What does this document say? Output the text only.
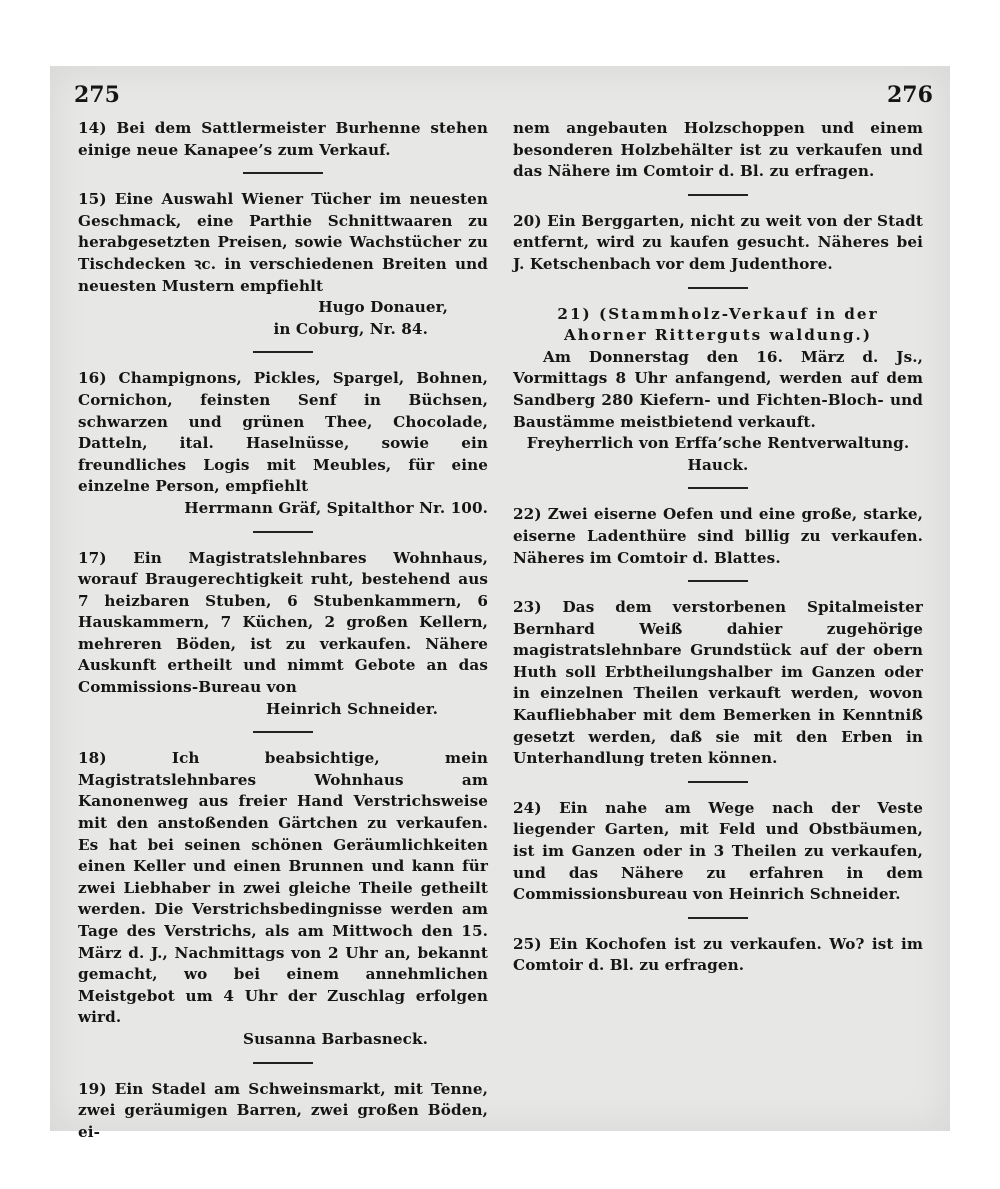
275	276

14) Bei dem Sattlermeister Burhenne stehen einige neue Kanapee’s zum Verkauf.

15) Eine Auswahl Wiener Tücher im neuesten Geschmack, eine Parthie Schnittwaaren zu herabgesetzten Preisen, sowie Wachstücher zu Tischdecken ꝛc. in verschiedenen Breiten und neuesten Mustern empfiehlt

Hugo Donauer,

in Coburg, Nr. 84.

16) Champignons, Pickles, Spargel, Bohnen, Cornichon, feinsten Senf in Büchsen, schwarzen und grünen Thee, Chocolade, Datteln, ital. Haselnüsse, sowie ein freundliches Logis mit Meubles, für eine einzelne Person, empfiehlt

Herrmann Gräf, Spitalthor Nr. 100.

17) Ein Magistratslehnbares Wohnhaus, worauf Braugerechtigkeit ruht, bestehend aus 7 heizbaren Stuben, 6 Stubenkammern, 6 Hauskammern, 7 Küchen, 2 großen Kellern, mehreren Böden, ist zu verkaufen. Nähere Auskunft ertheilt und nimmt Gebote an das Commissions-Bureau von

Heinrich Schneider.

18) Ich beabsichtige, mein Magistratslehnbares Wohnhaus am Kanonenweg aus freier Hand Verstrichsweise mit den anstoßenden Gärtchen zu verkaufen. Es hat bei seinen schönen Geräumlichkeiten einen Keller und einen Brunnen und kann für zwei Liebhaber in zwei gleiche Theile getheilt werden. Die Verstrichsbedingnisse werden am Tage des Verstrichs, als am Mittwoch den 15. März d. J., Nachmittags von 2 Uhr an, bekannt gemacht, wo bei einem annehmlichen Meistgebot um 4 Uhr der Zuschlag erfolgen wird.

Susanna Barbasneck.

19) Ein Stadel am Schweinsmarkt, mit Tenne, zwei geräumigen Barren, zwei großen Böden, ei-

nem angebauten Holzschoppen und einem besonderen Holzbehälter ist zu verkaufen und das Nähere im Comtoir d. Bl. zu erfragen.

20) Ein Berggarten, nicht zu weit von der Stadt entfernt, wird zu kaufen gesucht. Näheres bei J. Ketschenbach vor dem Judenthore.

21) (Stammholz-Verkauf in der

Ahorner Ritterguts waldung.)

Am Donnerstag den 16. März d. Js., Vormittags 8 Uhr anfangend, werden auf dem Sandberg 280 Kiefern- und Fichten-Bloch- und Baustämme meistbietend verkauft.

Freyherrlich von Erffa’sche Rentverwaltung.

Hauck.

22) Zwei eiserne Oefen und eine große, starke, eiserne Ladenthüre sind billig zu verkaufen. Näheres im Comtoir d. Blattes.

23) Das dem verstorbenen Spitalmeister Bernhard Weiß dahier zugehörige magistratslehnbare Grundstück auf der obern Huth soll Erbtheilungshalber im Ganzen oder in einzelnen Theilen verkauft werden, wovon Kaufliebhaber mit dem Bemerken in Kenntniß gesetzt werden, daß sie mit den Erben in Unterhandlung treten können.

24) Ein nahe am Wege nach der Veste liegender Garten, mit Feld und Obstbäumen, ist im Ganzen oder in 3 Theilen zu verkaufen, und das Nähere zu erfahren in dem Commissionsbureau von Heinrich Schneider.

25) Ein Kochofen ist zu verkaufen. Wo? ist im Comtoir d. Bl. zu erfragen.
